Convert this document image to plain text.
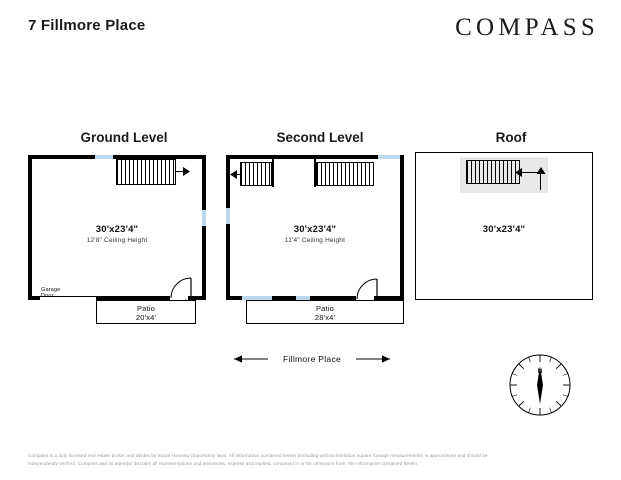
7 Fillmore Place	COMPASS
Ground Level	Second Level	Roof
30'x23'4"
12'8" Ceiling Height
Garage Door
Patio
20'x4'
30'x23'4"
11'4" Ceiling Height
Patio
28'x4'
30'x23'4"
Fillmore Place
N
Compass is a duly licensed real estate broker and abides by Equal Housing Opportunity laws. All information contained herein (including without limitation square footage measurements) is approximate and should be
independently verified. Compass and its agent(s) disclaim all representations and warranties, express and implied, contained in or for omissions from, the information contained herein
